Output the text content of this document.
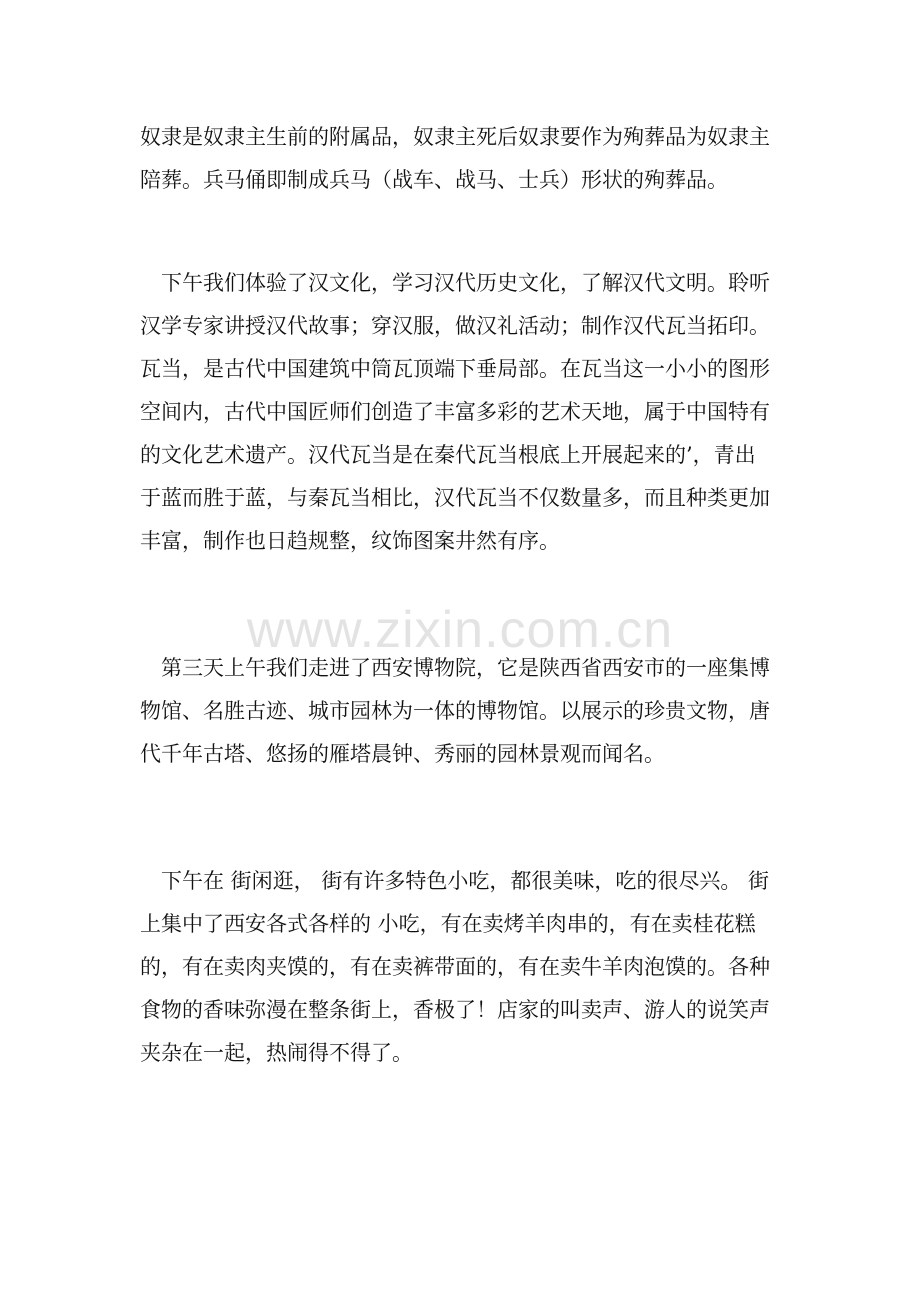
奴隶是奴隶主生前的附属品，奴隶主死后奴隶要作为殉葬品为奴隶主
陪葬。兵马俑即制成兵马（战车、战马、士兵）形状的殉葬品。

　下午我们体验了汉文化，学习汉代历史文化，了解汉代文明。聆听
汉学专家讲授汉代故事；穿汉服，做汉礼活动；制作汉代瓦当拓印。
瓦当，是古代中国建筑中筒瓦顶端下垂局部。在瓦当这一小小的图形
空间内，古代中国匠师们创造了丰富多彩的艺术天地，属于中国特有
的文化艺术遗产。汉代瓦当是在秦代瓦当根底上开展起来的’，青出
于蓝而胜于蓝，与秦瓦当相比，汉代瓦当不仅数量多，而且种类更加
丰富，制作也日趋规整，纹饰图案井然有序。

　第三天上午我们走进了西安博物院，它是陕西省西安市的一座集博
物馆、名胜古迹、城市园林为一体的博物馆。以展示的珍贵文物，唐
代千年古塔、悠扬的雁塔晨钟、秀丽的园林景观而闻名。

　下午在 街闲逛， 街有许多特色小吃，都很美味，吃的很尽兴。 街
上集中了西安各式各样的 小吃，有在卖烤羊肉串的，有在卖桂花糕
的，有在卖肉夹馍的，有在卖裤带面的，有在卖牛羊肉泡馍的。各种
食物的香味弥漫在整条街上，香极了！店家的叫卖声、游人的说笑声
夹杂在一起，热闹得不得了。

www.zixin.com.cn
